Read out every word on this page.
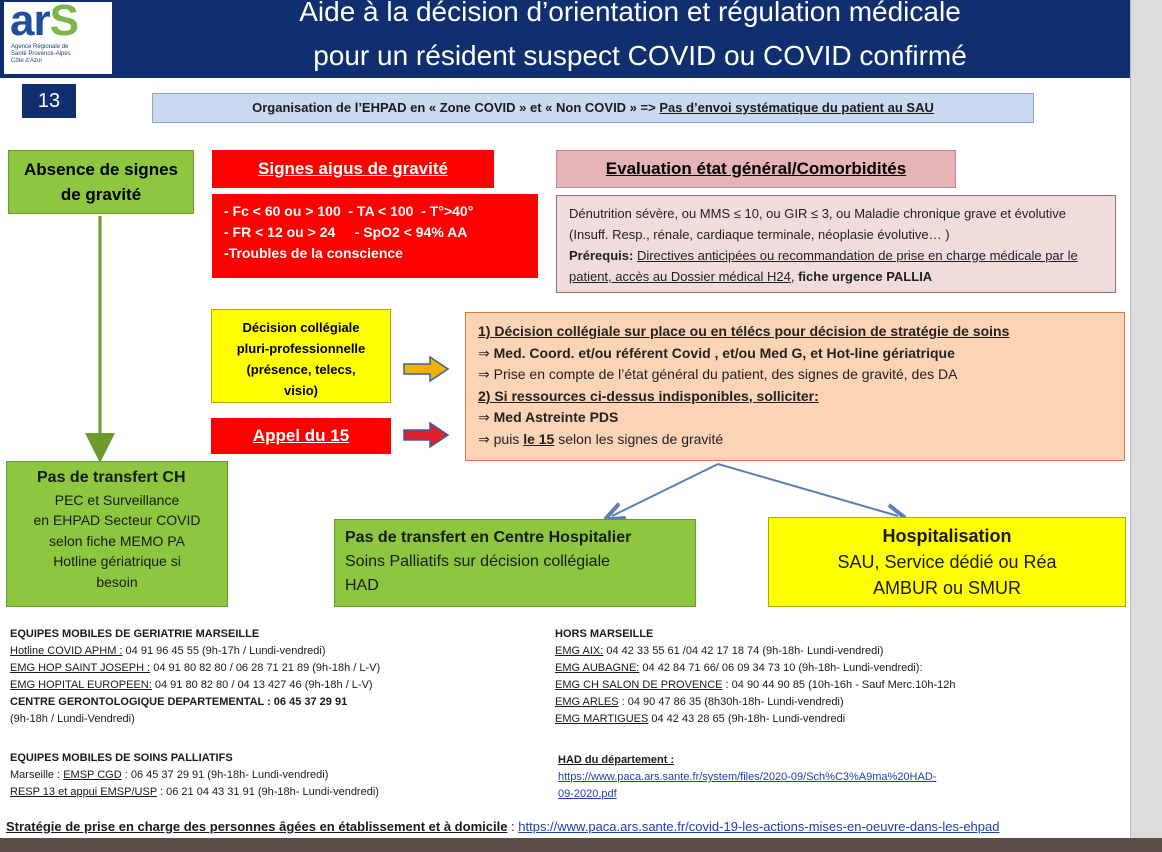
arS
Agence Régionale de Santé Provence-Alpes Côte d’Azur
Aide à la décision d’orientation et régulation médicale
pour un résident suspect COVID ou COVID confirmé
13	Organisation de l’EHPAD en « Zone COVID » et « Non COVID » => Pas d’envoi systématique du patient au SAU
Absence de signes
de gravité
Signes aigus de gravité
- Fc < 60 ou > 100  - TA < 100  - T°>40°
- FR < 12 ou > 24     - SpO2 < 94% AA
-Troubles de la conscience
Evaluation état général/Comorbidités
Dénutrition sévère, ou MMS ≤ 10, ou GIR ≤ 3, ou Maladie chronique grave et évolutive (Insuff. Resp., rénale, cardiaque terminale, néoplasie évolutive… )
Prérequis: Directives anticipées ou recommandation de prise en charge médicale par le patient, accès au Dossier médical H24, fiche urgence PALLIA
Décision collégiale
pluri-professionnelle
(présence, telecs,
visio)
Appel du 15
1) Décision collégiale sur place ou en télécs pour décision de stratégie de soins
⇒ Med. Coord. et/ou référent Covid , et/ou Med G, et Hot-line gériatrique
⇒ Prise en compte de l’état général du patient, des signes de gravité, des DA
2) Si ressources ci-dessus indisponibles, solliciter:
⇒ Med Astreinte PDS
⇒ puis le 15 selon les signes de gravité
Pas de transfert CH
PEC et Surveillance
en EHPAD Secteur COVID
selon fiche MEMO PA
Hotline gériatrique si
besoin
Pas de transfert en Centre Hospitalier
Soins Palliatifs sur décision collégiale
HAD
Hospitalisation
SAU, Service dédié ou Réa
AMBUR ou SMUR
EQUIPES MOBILES DE GERIATRIE MARSEILLE
Hotline COVID APHM : 04 91 96 45 55 (9h-17h / Lundi-vendredi)
EMG HOP SAINT JOSEPH : 04 91 80 82 80 / 06 28 71 21 89 (9h-18h / L-V)
EMG HOPITAL EUROPEEN: 04 91 80 82 80 / 04 13 427 46 (9h-18h / L-V)
CENTRE GERONTOLOGIQUE DEPARTEMENTAL : 06 45 37 29 91
(9h-18h / Lundi-Vendredi)
HORS MARSEILLE
EMG AIX: 04 42 33 55 61 /04 42 17 18 74 (9h-18h- Lundi-vendredi)
EMG AUBAGNE: 04 42 84 71 66/ 06 09 34 73 10 (9h-18h- Lundi-vendredi):
EMG CH SALON DE PROVENCE : 04 90 44 90 85 (10h-16h - Sauf Merc.10h-12h
EMG ARLES : 04 90 47 86 35 (8h30h-18h- Lundi-vendredi)
EMG MARTIGUES 04 42 43 28 65 (9h-18h- Lundi-vendredi
EQUIPES MOBILES DE SOINS PALLIATIFS
Marseille : EMSP CGD : 06 45 37 29 91 (9h-18h- Lundi-vendredi)
RESP 13 et appui EMSP/USP : 06 21 04 43 31 91 (9h-18h- Lundi-vendredi)
HAD du département :
https://www.paca.ars.sante.fr/system/files/2020-09/Sch%C3%A9ma%20HAD-
09-2020.pdf
Stratégie de prise en charge des personnes âgées en établissement et à domicile : https://www.paca.ars.sante.fr/covid-19-les-actions-mises-en-oeuvre-dans-les-ehpad
